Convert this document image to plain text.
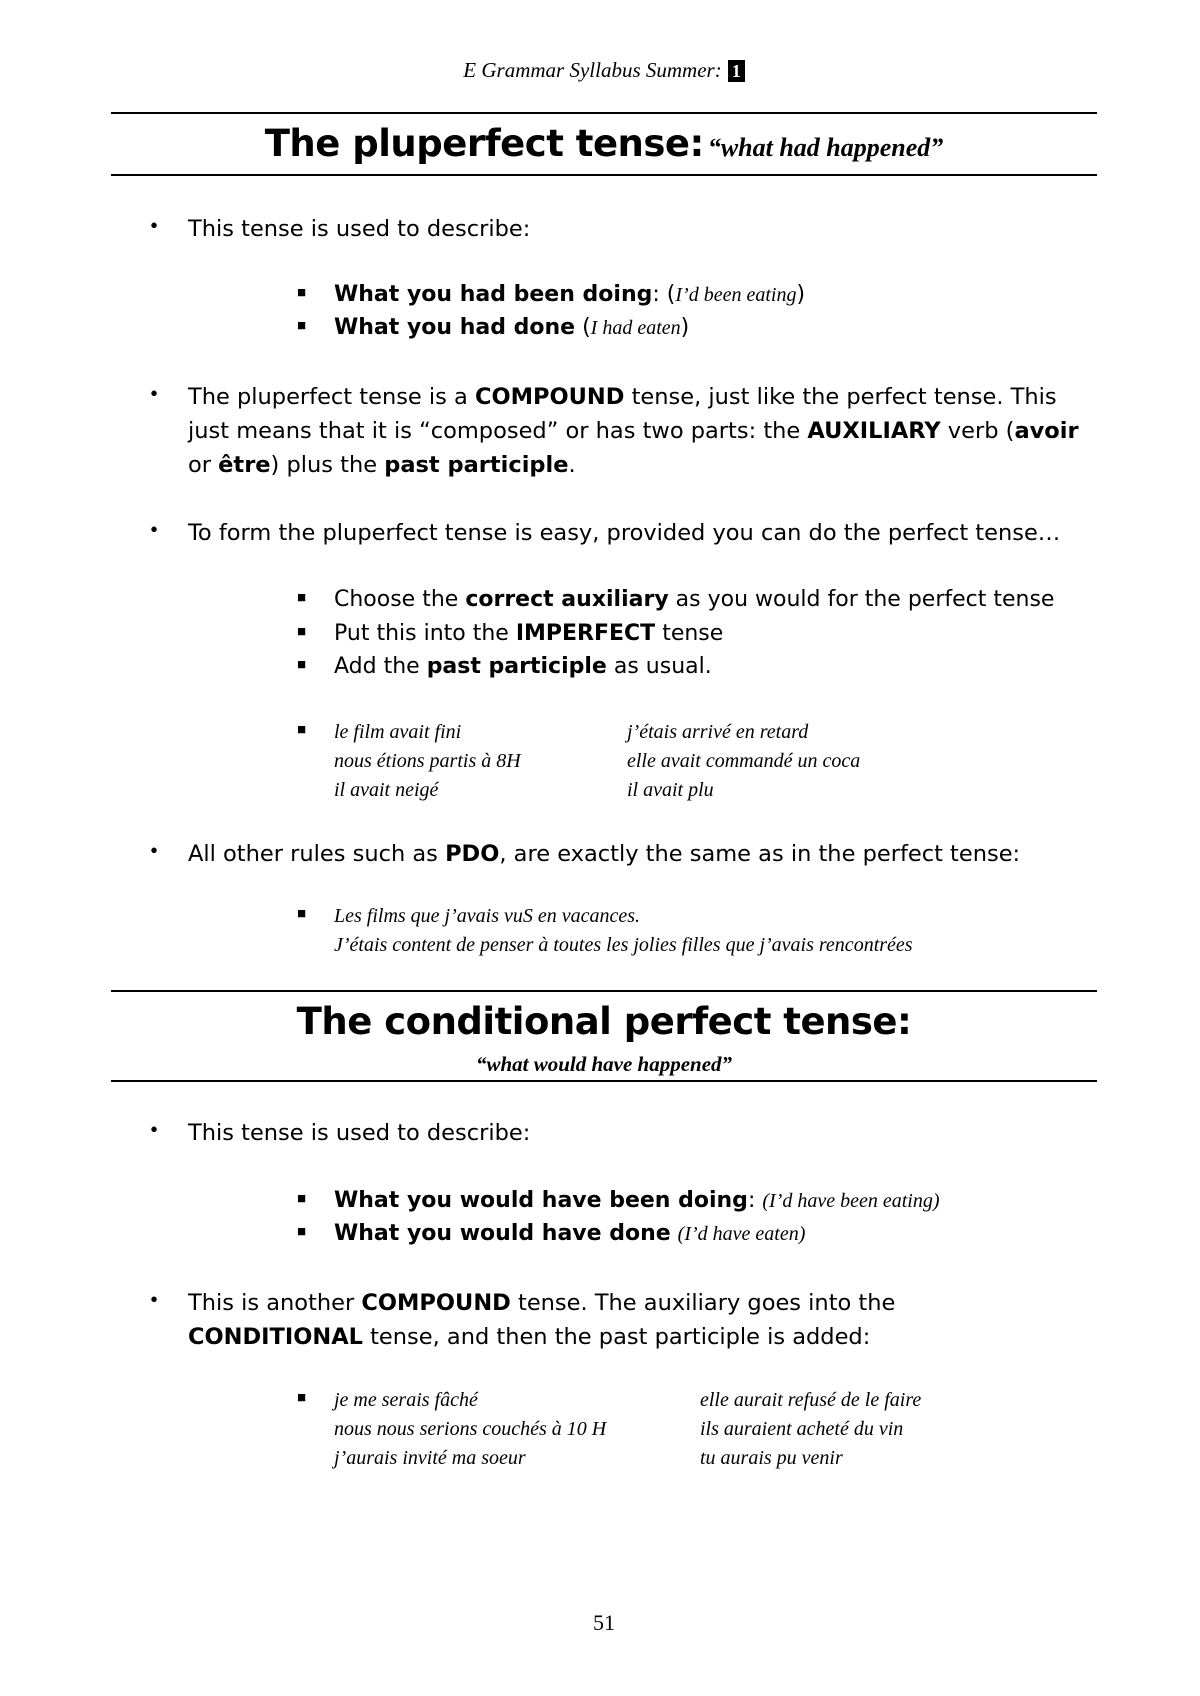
E Grammar Syllabus Summer: 1
The pluperfect tense: “what had happened”
• This tense is used to describe:
■ What you had been doing: (I’d been eating)
■ What you had done (I had eaten)
• The pluperfect tense is a COMPOUND tense, just like the perfect tense. This just means that it is “composed” or has two parts: the AUXILIARY verb (avoir or être) plus the past participle.
• To form the pluperfect tense is easy, provided you can do the perfect tense…
■ Choose the correct auxiliary as you would for the perfect tense
■ Put this into the IMPERFECT tense
■ Add the past participle as usual.
■ le film avait fini
nous étions partis à 8H
il avait neigé
j’étais arrivé en retard
elle avait commandé un coca
il avait plu
• All other rules such as PDO, are exactly the same as in the perfect tense:
■ Les films que j’avais vuS en vacances.
J’étais content de penser à toutes les jolies filles que j’avais rencontrées
The conditional perfect tense:
“what would have happened”
• This tense is used to describe:
■ What you would have been doing: (I’d have been eating)
■ What you would have done (I’d have eaten)
• This is another COMPOUND tense. The auxiliary goes into the CONDITIONAL tense, and then the past participle is added:
■ je me serais fâché
nous nous serions couchés à 10 H
j’aurais invité ma soeur
elle aurait refusé de le faire
ils auraient acheté du vin
tu aurais pu venir
51
